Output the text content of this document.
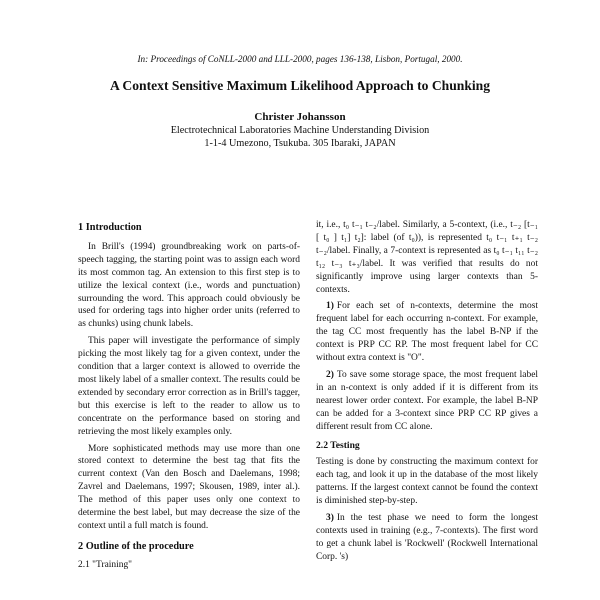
In: Proceedings of CoNLL-2000 and LLL-2000, pages 136-138, Lisbon, Portugal, 2000.
A Context Sensitive Maximum Likelihood Approach to Chunking
Christer Johansson
Electrotechnical Laboratories Machine Understanding Division
1-1-4 Umezono, Tsukuba. 305 Ibaraki, JAPAN
1 Introduction

In Brill's (1994) groundbreaking work on parts-of-speech tagging, the starting point was to assign each word its most common tag. An extension to this first step is to utilize the lexical context (i.e., words and punctuation) surrounding the word. This approach could obviously be used for ordering tags into higher order units (referred to as chunks) using chunk labels.

This paper will investigate the performance of simply picking the most likely tag for a given context, under the condition that a larger context is allowed to override the most likely label of a smaller context. The results could be extended by secondary error correction as in Brill's tagger, but this exercise is left to the reader to allow us to concentrate on the performance based on storing and retrieving the most likely examples only.

More sophisticated methods may use more than one stored context to determine the best tag that fits the current context (Van den Bosch and Daelemans, 1998; Zavrel and Daelemans, 1997; Skousen, 1989, inter al.). The method of this paper uses only one context to determine the best label, but may decrease the size of the context until a full match is found.

2 Outline of the procedure
2.1 "Training"

it, i.e., t₀ t₋₁ t₋₂/label. Similarly, a 5-context, (i.e., t₋₂ [t₋₁ [ t₀ ] t₁] t₂]: label (of t₀)), is represented t₀ t₋₁ t₊₁ t₋₂ t₋₂/label. Finally, a 7-context is represented as t₀ t₋₁ t₁₁ t₋₂ t₁₂ t₋₃ t₊₃/label. It was verified that results do not significantly improve using larger contexts than 5-contexts.

1) For each set of n-contexts, determine the most frequent label for each occurring n-context. For example, the tag CC most frequently has the label B-NP if the context is PRP CC RP. The most frequent label for CC without extra context is "O".

2) To save some storage space, the most frequent label in an n-context is only added if it is different from its nearest lower order context. For example, the label B-NP can be added for a 3-context since PRP CC RP gives a different result from CC alone.

2.2 Testing

Testing is done by constructing the maximum context for each tag, and look it up in the database of the most likely patterns. If the largest context cannot be found the context is diminished step-by-step.

3) In the test phase we need to form the longest contexts used in training (e.g., 7-contexts). The first word to get a chunk label is 'Rockwell' (Rockwell International Corp. 's)
